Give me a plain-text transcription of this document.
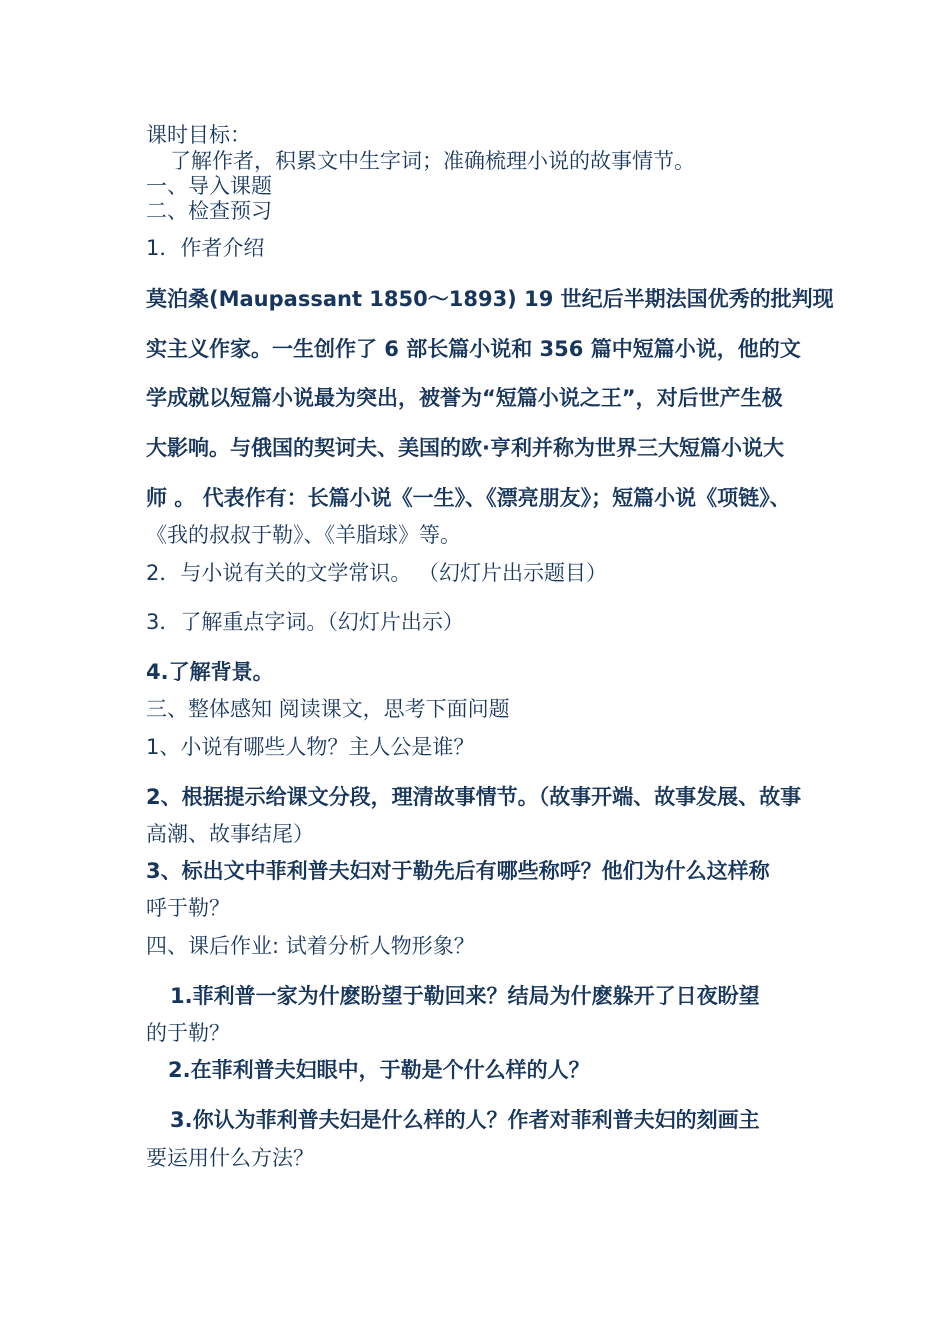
课时目标：

了解作者，积累文中生字词；准确梳理小说的故事情节。

一、导入课题

二、检查预习

1．作者介绍

莫泊桑(Maupassant 1850～1893) 19 世纪后半期法国优秀的批判现

实主义作家。一生创作了 6 部长篇小说和 356 篇中短篇小说，他的文

学成就以短篇小说最为突出，被誉为“短篇小说之王”，对后世产生极

大影响。与俄国的契诃夫、美国的欧·亨利并称为世界三大短篇小说大

师 。 代表作有：长篇小说《一生》、《漂亮朋友》；短篇小说《项链》、

《我的叔叔于勒》、《羊脂球》等。

2．与小说有关的文学常识。 （幻灯片出示题目）

3．了解重点字词。（幻灯片出示）

4.了解背景。

三、整体感知 阅读课文，思考下面问题

1、小说有哪些人物？主人公是谁？

2、根据提示给课文分段，理清故事情节。（故事开端、故事发展、故事

高潮、故事结尾）

3、标出文中菲利普夫妇对于勒先后有哪些称呼？他们为什么这样称

呼于勒？

四、课后作业: 试着分析人物形象？

1.菲利普一家为什麽盼望于勒回来？结局为什麽躲开了日夜盼望

的于勒？

2.在菲利普夫妇眼中，于勒是个什么样的人？

3.你认为菲利普夫妇是什么样的人？作者对菲利普夫妇的刻画主

要运用什么方法？
